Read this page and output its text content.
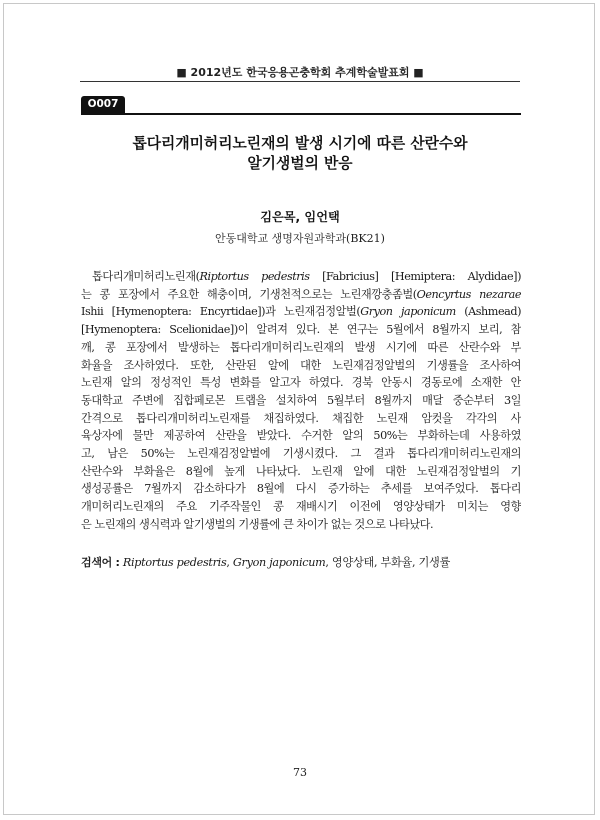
■ 2012년도 한국응용곤충학회 추계학술발표회 ■
O007
톱다리개미허리노린재의 발생 시기에 따른 산란수와
알기생벌의 반응
김은목, 임언택
안동대학교 생명자원과학과(BK21)
톱다리개미허리노린재(Riptortus pedestris [Fabricius] [Hemiptera: Alydidae])
는 콩 포장에서 주요한 해충이며, 기생천적으로는 노린재깡충좀벌(Oencyrtus nezarae
Ishii [Hymenoptera: Encyrtidae])과 노린재검정알벌(Gryon japonicum (Ashmead)
[Hymenoptera: Scelionidae])이 알려져 있다. 본 연구는 5월에서 8월까지 보리, 참
깨, 콩 포장에서 발생하는 톱다리개미허리노린재의 발생 시기에 따른 산란수와 부
화율을 조사하였다. 또한, 산란된 알에 대한 노린재검정알벌의 기생률을 조사하여
노린재 알의 정성적인 특성 변화를 알고자 하였다. 경북 안동시 경동로에 소재한 안
동대학교 주변에 집합페로몬 트랩을 설치하여 5월부터 8월까지 매달 중순부터 3일
간격으로 톱다리개미허리노린재를 채집하였다. 채집한 노린재 암컷을 각각의 사
육상자에 물만 제공하여 산란을 받았다. 수거한 알의 50%는 부화하는데 사용하였
고, 남은 50%는 노린재검정알벌에 기생시켰다. 그 결과 톱다리개미허리노린재의
산란수와 부화율은 8월에 높게 나타났다. 노린재 알에 대한 노린재검정알벌의 기
생성공률은 7월까지 감소하다가 8월에 다시 증가하는 추세를 보여주었다. 톱다리
개미허리노린재의 주요 기주작물인 콩 재배시기 이전에 영양상태가 미치는 영향
은 노린재의 생식력과 알기생벌의 기생률에 큰 차이가 없는 것으로 나타났다.
검색어 : Riptortus pedestris, Gryon japonicum, 영양상태, 부화율, 기생률
73
